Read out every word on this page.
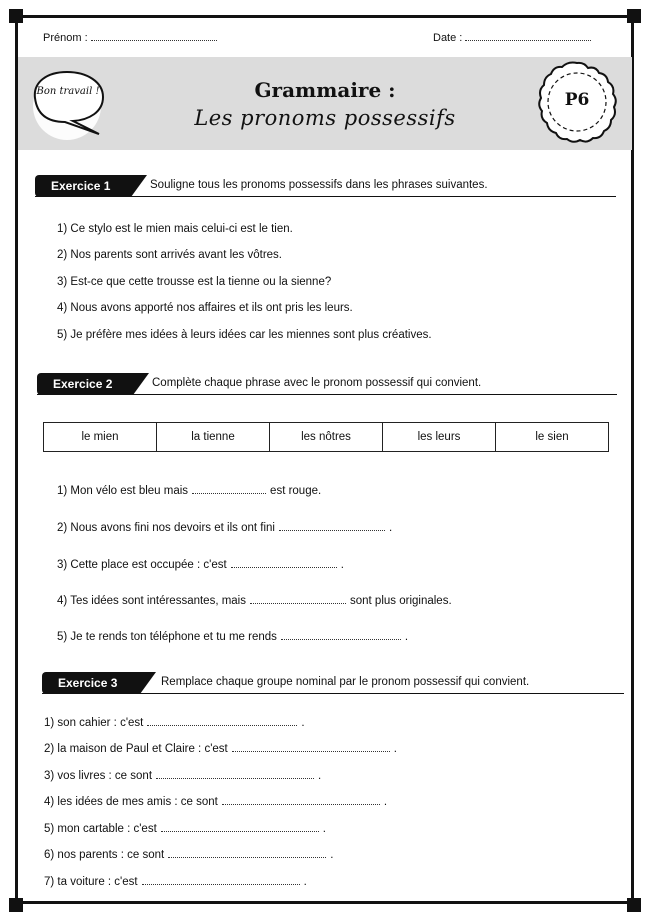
Prénom :	Date :
Bon travail !	Grammaire :
Les pronoms possessifs
P6
Exercice 1	Souligne tous les pronoms possessifs dans les phrases suivantes.
1) Ce stylo est le mien mais celui-ci est le tien.
2) Nos parents sont arrivés avant les vôtres.
3) Est-ce que cette trousse est la tienne ou la sienne?
4) Nous avons apporté nos affaires et ils ont pris les leurs.
5) Je préfère mes idées à leurs idées car les miennes sont plus créatives.
Exercice 2	Complète chaque phrase avec le pronom possessif qui convient.
le mien	la tienne	les nôtres	les leurs	le sien
1) Mon vélo est bleu mais	est rouge.
2) Nous avons fini nos devoirs et ils ont fini	.
3) Cette place est occupée : c'est	.
4) Tes idées sont intéressantes, mais	sont plus originales.
5) Je te rends ton téléphone et tu me rends	.
Exercice 3	Remplace chaque groupe nominal par le pronom possessif qui convient.
1) son cahier : c'est	.
2) la maison de Paul et Claire : c'est	.
3) vos livres : ce sont	.
4) les idées de mes amis : ce sont	.
5) mon cartable : c'est	.
6) nos parents : ce sont	.
7) ta voiture : c'est	.
